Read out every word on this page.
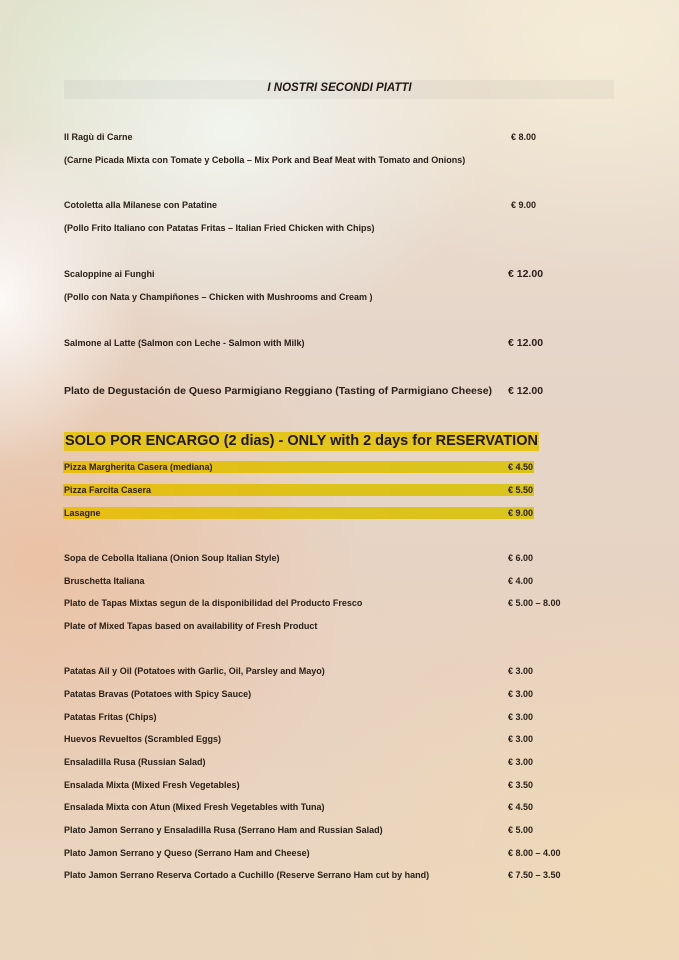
I NOSTRI SECONDI PIATTI
Il Ragù di Carne	€ 8.00
(Carne Picada Mixta con Tomate y Cebolla – Mix Pork and Beaf Meat with Tomato and Onions)
Cotoletta alla Milanese con Patatine	€ 9.00
(Pollo Frito Italiano con Patatas Fritas – Italian Fried Chicken with Chips)
Scaloppine ai Funghi	€ 12.00
(Pollo con Nata y Champiñones – Chicken with Mushrooms and Cream )
Salmone al Latte (Salmon con Leche - Salmon with Milk)	€ 12.00
Plato de Degustación de Queso Parmigiano Reggiano (Tasting of Parmigiano Cheese) € 12.00
SOLO POR ENCARGO (2 dias) - ONLY with 2 days for RESERVATION
Pizza Margherita Casera (mediana)	€ 4.50
Pizza Farcita Casera	€ 5.50
Lasagne	€ 9.00
Sopa de Cebolla Italiana (Onion Soup Italian Style)	€ 6.00
Bruschetta Italiana	€ 4.00
Plato de Tapas Mixtas segun de la disponibilidad del Producto Fresco	€ 5.00 – 8.00
Plate of Mixed Tapas based on availability of Fresh Product
Patatas Ail y Oil (Potatoes with Garlic, Oil, Parsley and Mayo)	€ 3.00
Patatas Bravas (Potatoes with Spicy Sauce)	€ 3.00
Patatas Fritas (Chips)	€ 3.00
Huevos Revueltos (Scrambled Eggs)	€ 3.00
Ensaladilla Rusa (Russian Salad)	€ 3.00
Ensalada Mixta (Mixed Fresh Vegetables)	€ 3.50
Ensalada Mixta con Atun (Mixed Fresh Vegetables with Tuna)	€ 4.50
Plato Jamon Serrano y Ensaladilla Rusa (Serrano Ham and Russian Salad)	€ 5.00
Plato Jamon Serrano y Queso (Serrano Ham and Cheese)	€ 8.00 – 4.00
Plato Jamon Serrano Reserva Cortado a Cuchillo (Reserve Serrano Ham cut by hand)	€ 7.50 – 3.50
